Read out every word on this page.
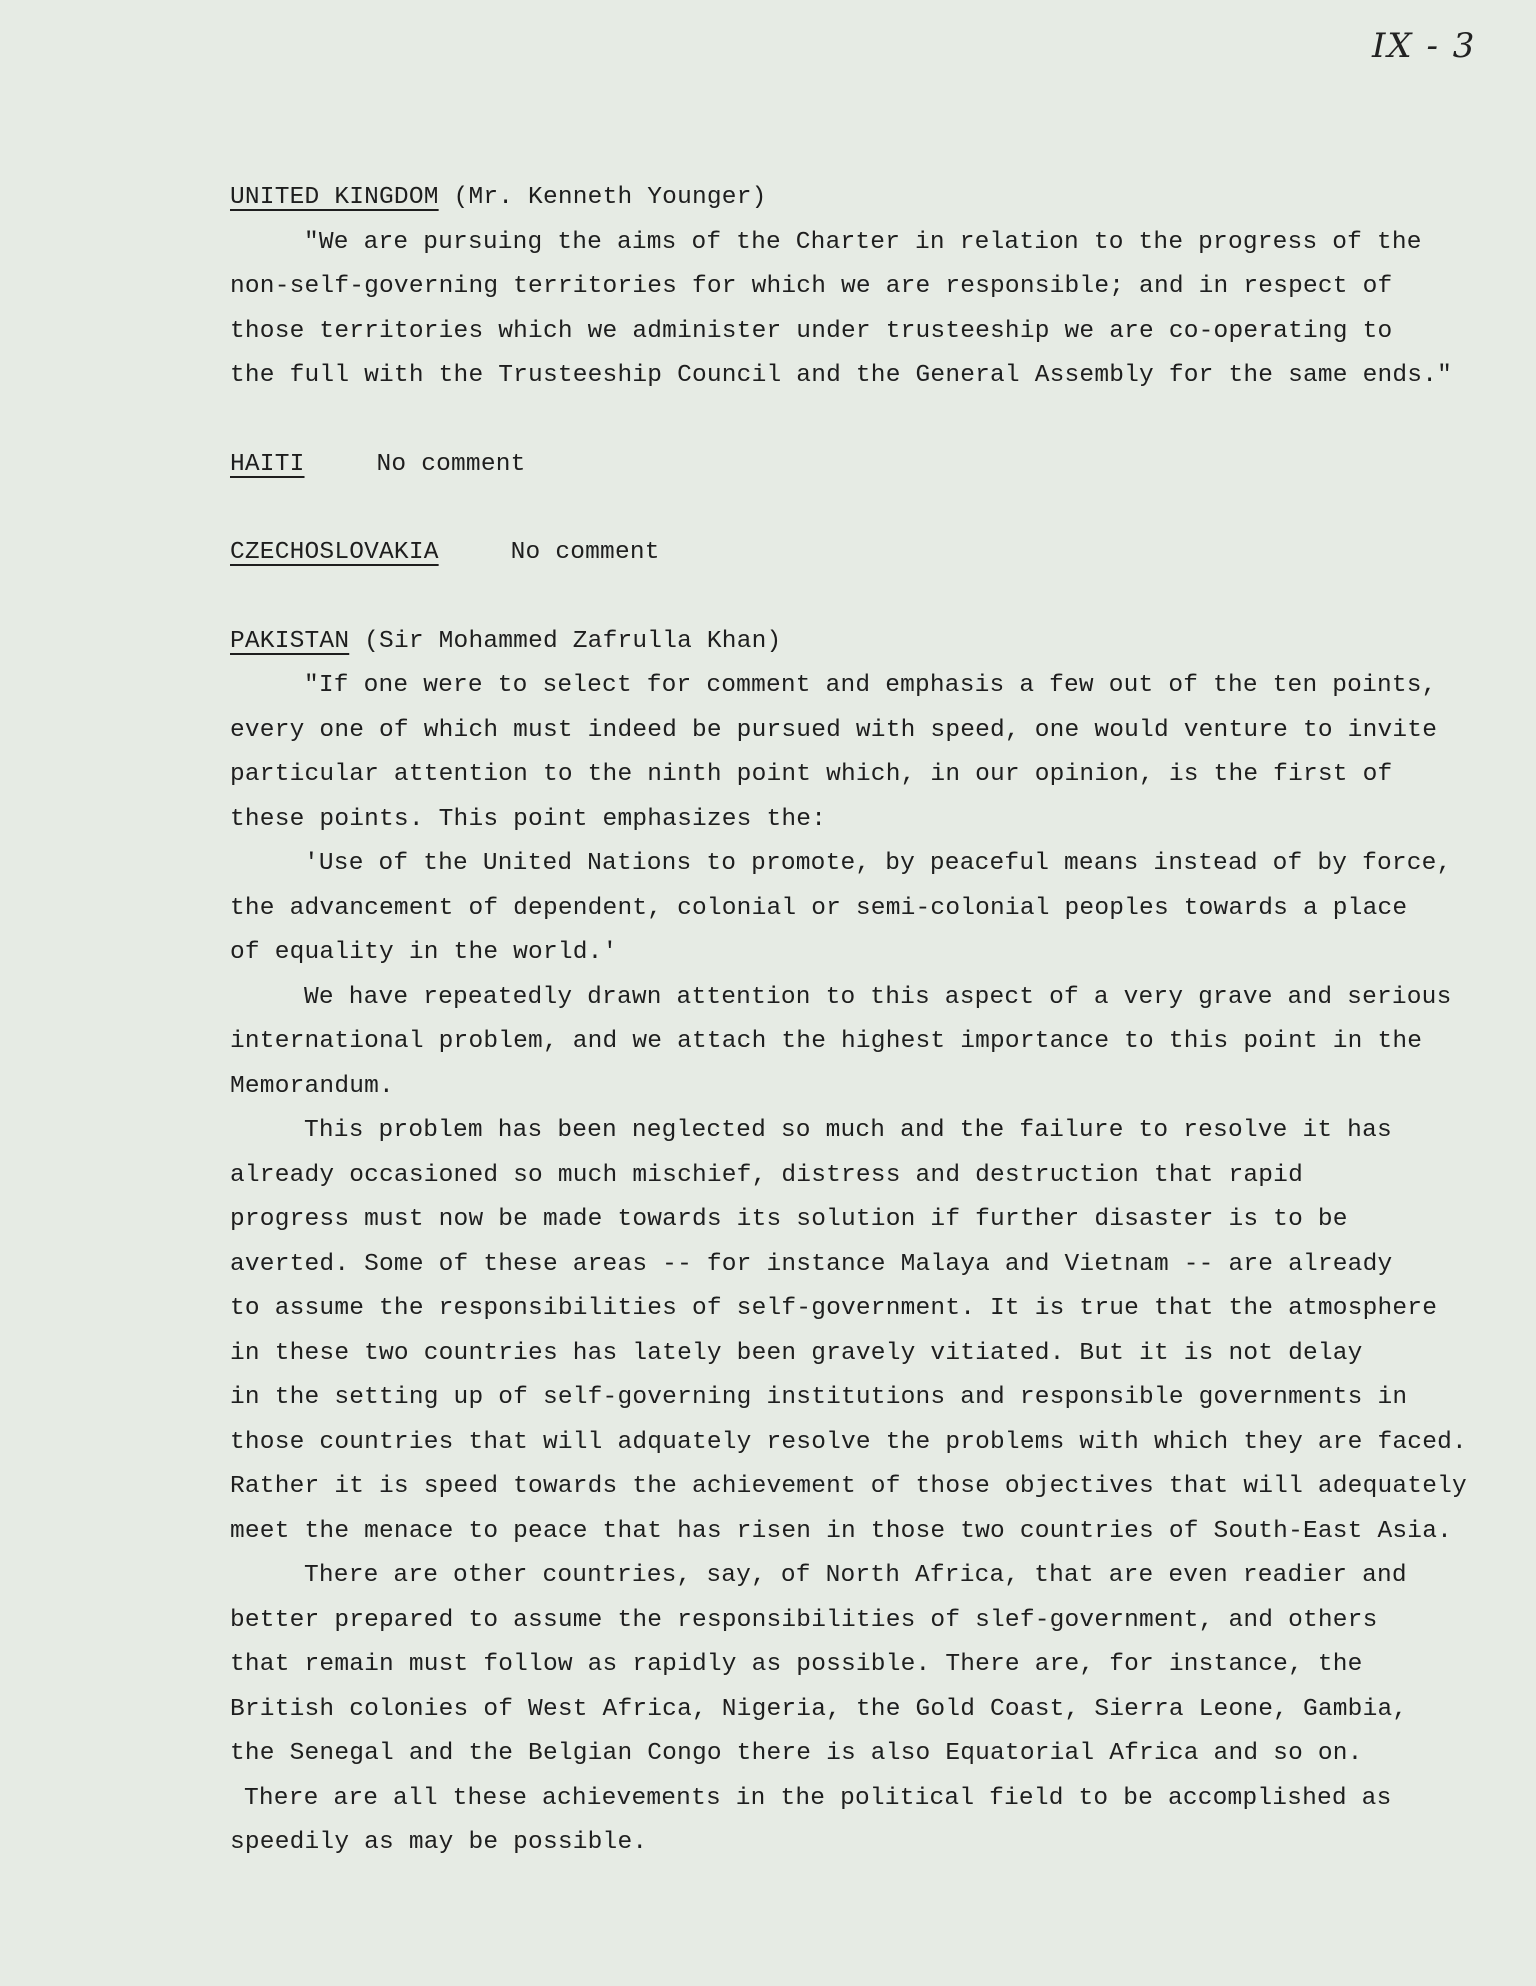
IX - 3

UNITED KINGDOM (Mr. Kenneth Younger)

"We are pursuing the aims of the Charter in relation to the progress of the
non-self-governing territories for which we are responsible; and in respect of
those territories which we administer under trusteeship we are co-operating to
the full with the Trusteeship Council and the General Assembly for the same ends."

HAITI	No comment

CZECHOSLOVAKIA	No comment

PAKISTAN (Sir Mohammed Zafrulla Khan)

"If one were to select for comment and emphasis a few out of the ten points,
every one of which must indeed be pursued with speed, one would venture to invite
particular attention to the ninth point which, in our opinion, is the first of
these points. This point emphasizes the:
'Use of the United Nations to promote, by peaceful means instead of by force,
the advancement of dependent, colonial or semi-colonial peoples towards a place
of equality in the world.'
We have repeatedly drawn attention to this aspect of a very grave and serious
international problem, and we attach the highest importance to this point in the
Memorandum.
This problem has been neglected so much and the failure to resolve it has
already occasioned so much mischief, distress and destruction that rapid
progress must now be made towards its solution if further disaster is to be
averted. Some of these areas -- for instance Malaya and Vietnam -- are already
to assume the responsibilities of self-government. It is true that the atmosphere
in these two countries has lately been gravely vitiated. But it is not delay
in the setting up of self-governing institutions and responsible governments in
those countries that will adquately resolve the problems with which they are faced.
Rather it is speed towards the achievement of those objectives that will adequately
meet the menace to peace that has risen in those two countries of South-East Asia.
There are other countries, say, of North Africa, that are even readier and
better prepared to assume the responsibilities of slef-government, and others
that remain must follow as rapidly as possible. There are, for instance, the
British colonies of West Africa, Nigeria, the Gold Coast, Sierra Leone, Gambia,
the Senegal and the Belgian Congo there is also Equatorial Africa and so on.
There are all these achievements in the political field to be accomplished as
speedily as may be possible.
